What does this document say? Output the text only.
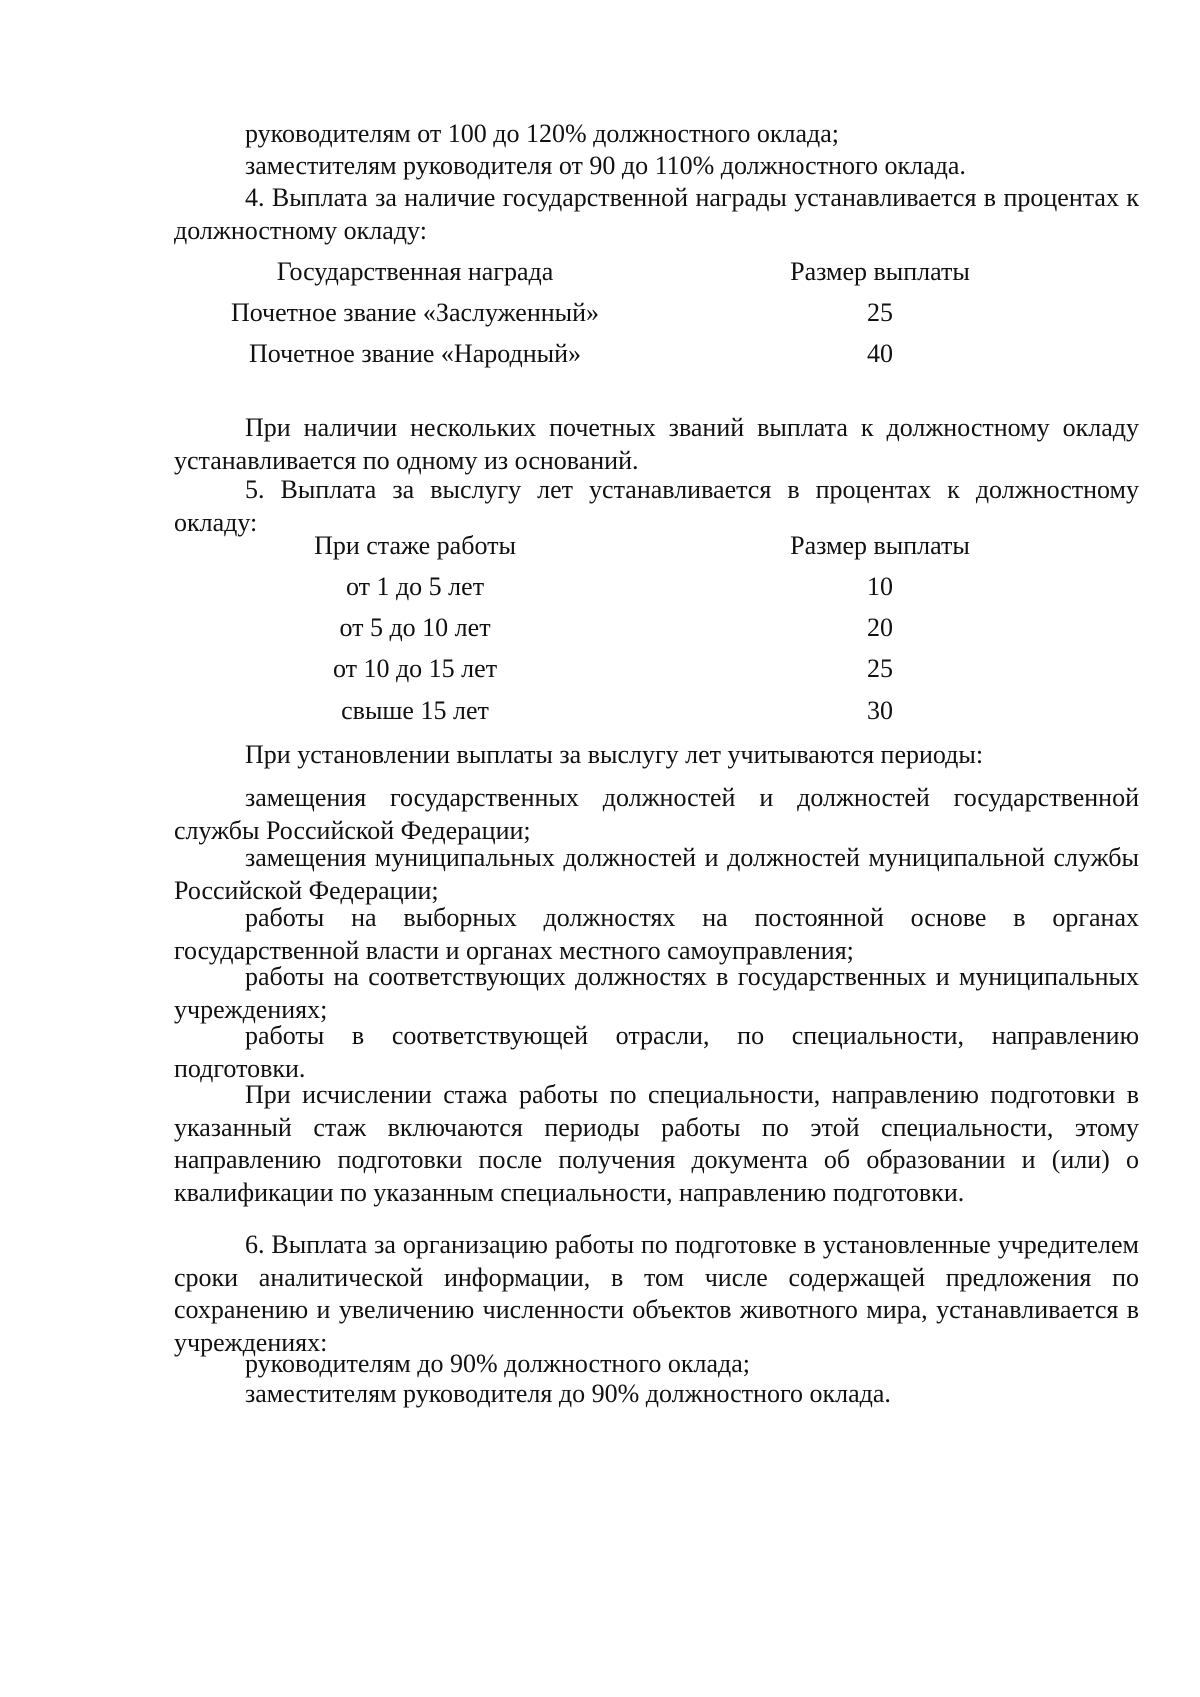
руководителям от 100 до 120% должностного оклада;

заместителям руководителя от 90 до 110% должностного оклада.

4. Выплата за наличие государственной награды устанавливается в процентах к должностному окладу:

Государственная награда	Размер выплаты
Почетное звание «Заслуженный»	25
Почетное звание «Народный»	40

При наличии нескольких почетных званий выплата к должностному окладу устанавливается по одному из оснований.

5. Выплата за выслугу лет устанавливается в процентах к должностному окладу:

При стаже работы	Размер выплаты
от 1 до 5 лет	10
от 5 до 10 лет	20
от 10 до 15 лет	25
свыше 15 лет	30

При установлении выплаты за выслугу лет учитываются периоды:

замещения государственных должностей и должностей государственной службы Российской Федерации;

замещения муниципальных должностей и должностей муниципальной службы Российской Федерации;

работы на выборных должностях на постоянной основе в органах государственной власти и органах местного самоуправления;

работы на соответствующих должностях в государственных и муниципальных учреждениях;

работы в соответствующей отрасли, по специальности, направлению подготовки.

При исчислении стажа работы по специальности, направлению подготовки в указанный стаж включаются периоды работы по этой специальности, этому направлению подготовки после получения документа об образовании и (или) о квалификации по указанным специальности, направлению подготовки.

6. Выплата за организацию работы по подготовке в установленные учредителем сроки аналитической информации, в том числе содержащей предложения по сохранению и увеличению численности объектов животного мира, устанавливается в учреждениях:

руководителям до 90% должностного оклада;

заместителям руководителя до 90% должностного оклада.
